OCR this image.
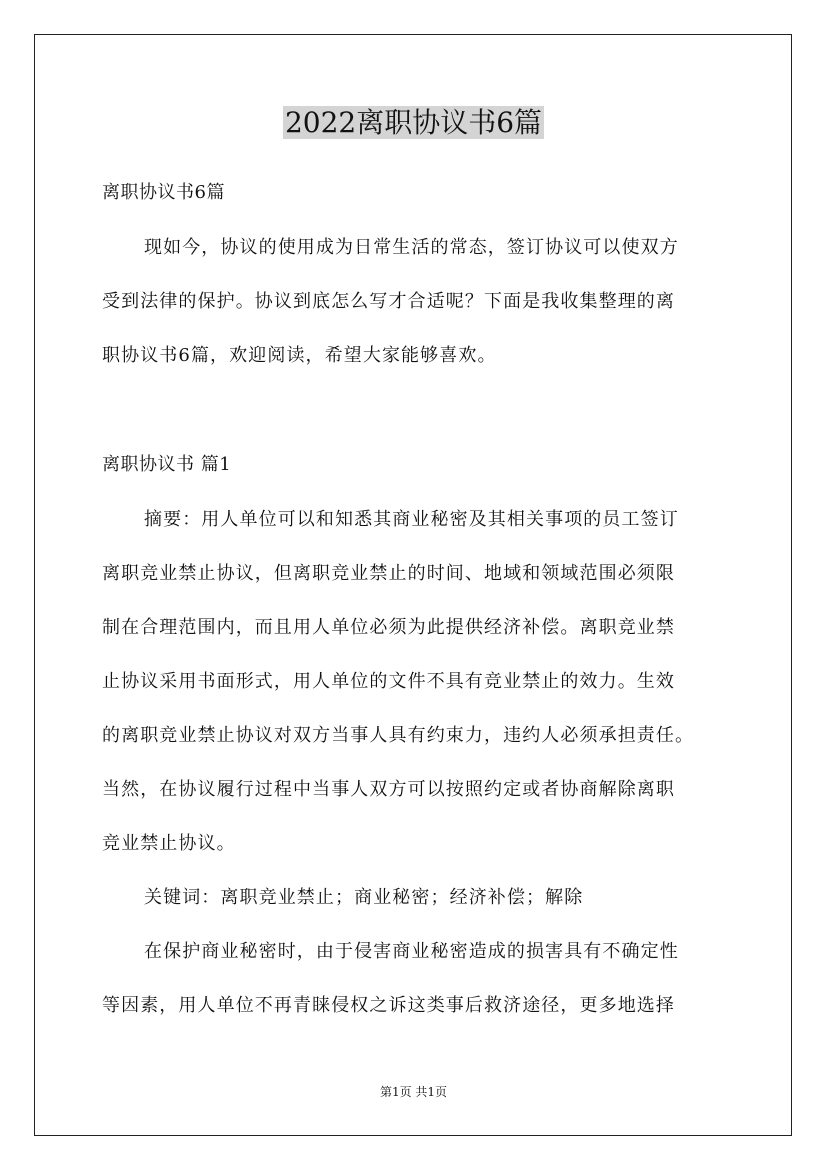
2022离职协议书6篇
离职协议书6篇
现如今，协议的使用成为日常生活的常态，签订协议可以使双方
受到法律的保护。协议到底怎么写才合适呢？下面是我收集整理的离
职协议书6篇，欢迎阅读，希望大家能够喜欢。
离职协议书 篇1
摘要：用人单位可以和知悉其商业秘密及其相关事项的员工签订
离职竞业禁止协议，但离职竞业禁止的时间、地域和领域范围必须限
制在合理范围内，而且用人单位必须为此提供经济补偿。离职竞业禁
止协议采用书面形式，用人单位的文件不具有竞业禁止的效力。生效
的离职竞业禁止协议对双方当事人具有约束力，违约人必须承担责任。
当然，在协议履行过程中当事人双方可以按照约定或者协商解除离职
竞业禁止协议。
关键词：离职竞业禁止；商业秘密；经济补偿；解除
在保护商业秘密时，由于侵害商业秘密造成的损害具有不确定性
等因素，用人单位不再青睐侵权之诉这类事后救济途径，更多地选择
第1页 共1页
